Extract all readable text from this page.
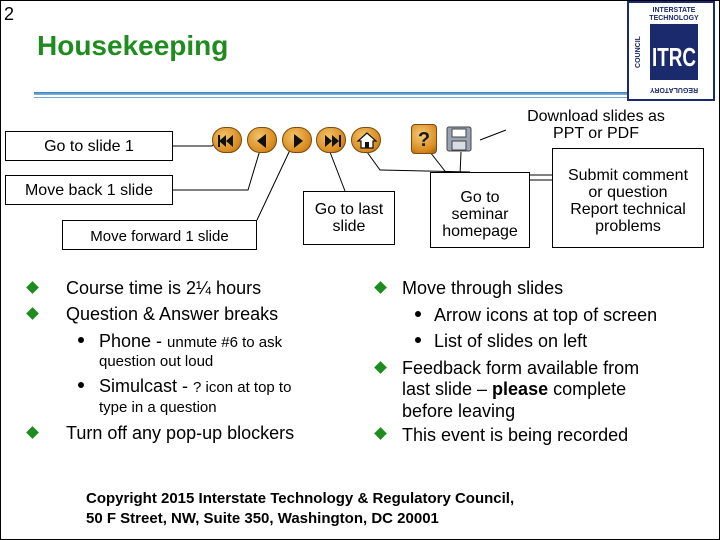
2
Housekeeping	ITRC
INTERSTATE
TECHNOLOGY
COUNCIL
REGULATORY
Go to slide 1
Move back 1 slide
Move forward 1 slide
Go to last
slide
Go to
seminar
homepage
Submit comment
or question
Report technical
problems
Download slides as
PPT or PDF
?
Course time is 2¼ hours
Question & Answer breaks
Phone - unmute #6 to ask
question out loud
Simulcast - ? icon at top to
type in a question
Turn off any pop-up blockers
Move through slides
Arrow icons at top of screen
List of slides on left
Feedback form available from
last slide – please complete
before leaving
This event is being recorded
Copyright 2015 Interstate Technology & Regulatory Council,
50 F Street, NW, Suite 350, Washington, DC 20001
